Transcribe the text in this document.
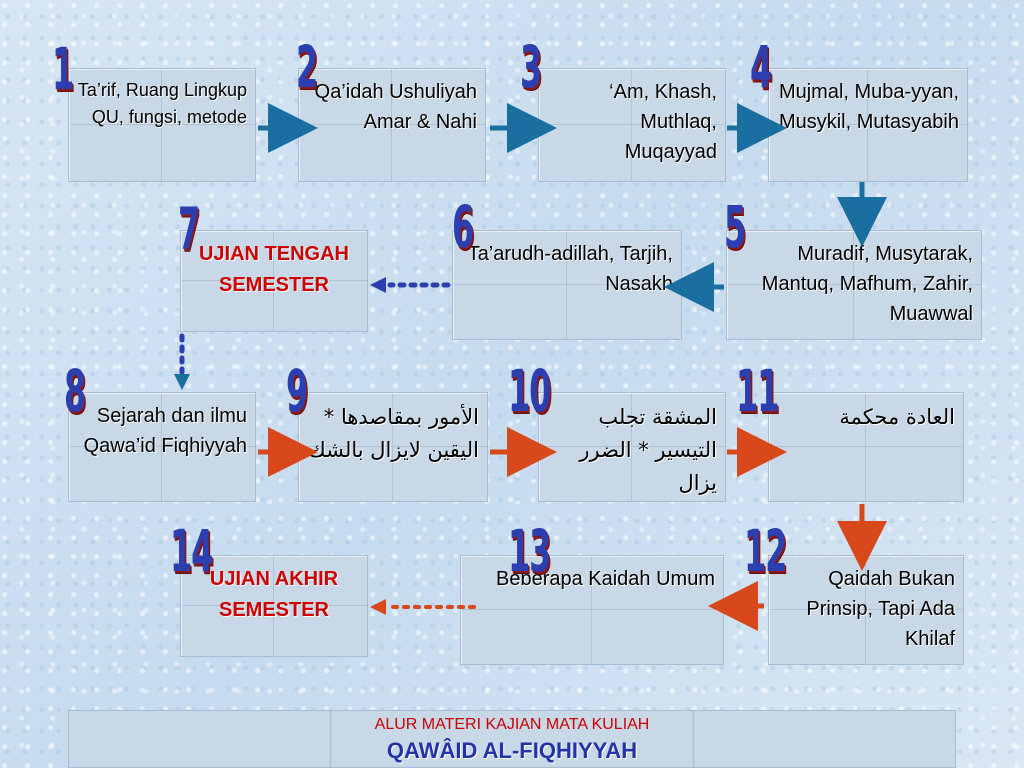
Ta’rif, Ruang Lingkup QU, fungsi, metode
1	Qa’idah Ushuliyah Amar & Nahi
2	‘Am, Khash, Muthlaq, Muqayyad
3	Mujmal, Muba-yyan, Musykil, Mutasyabih
4
UJIAN TENGAH SEMESTER
7	Ta’arudh-adillah, Tarjih, Nasakh
6	Muradif, Musytarak, Mantuq, Mafhum, Zahir, Muawwal
5
Sejarah dan ilmu Qawa’id Fiqhiyyah
8	الأمور بمقاصدها * اليقين لايزال بالشك
9	المشقة تجلب التيسير * الضرر يزال
10	العادة محكمة
11
UJIAN AKHIR SEMESTER
14	Beberapa Kaidah Umum
13	Qaidah Bukan Prinsip, Tapi Ada Khilaf
12
ALUR MATERI KAJIAN MATA KULIAH
QAWÂID AL-FIQHIYYAH
